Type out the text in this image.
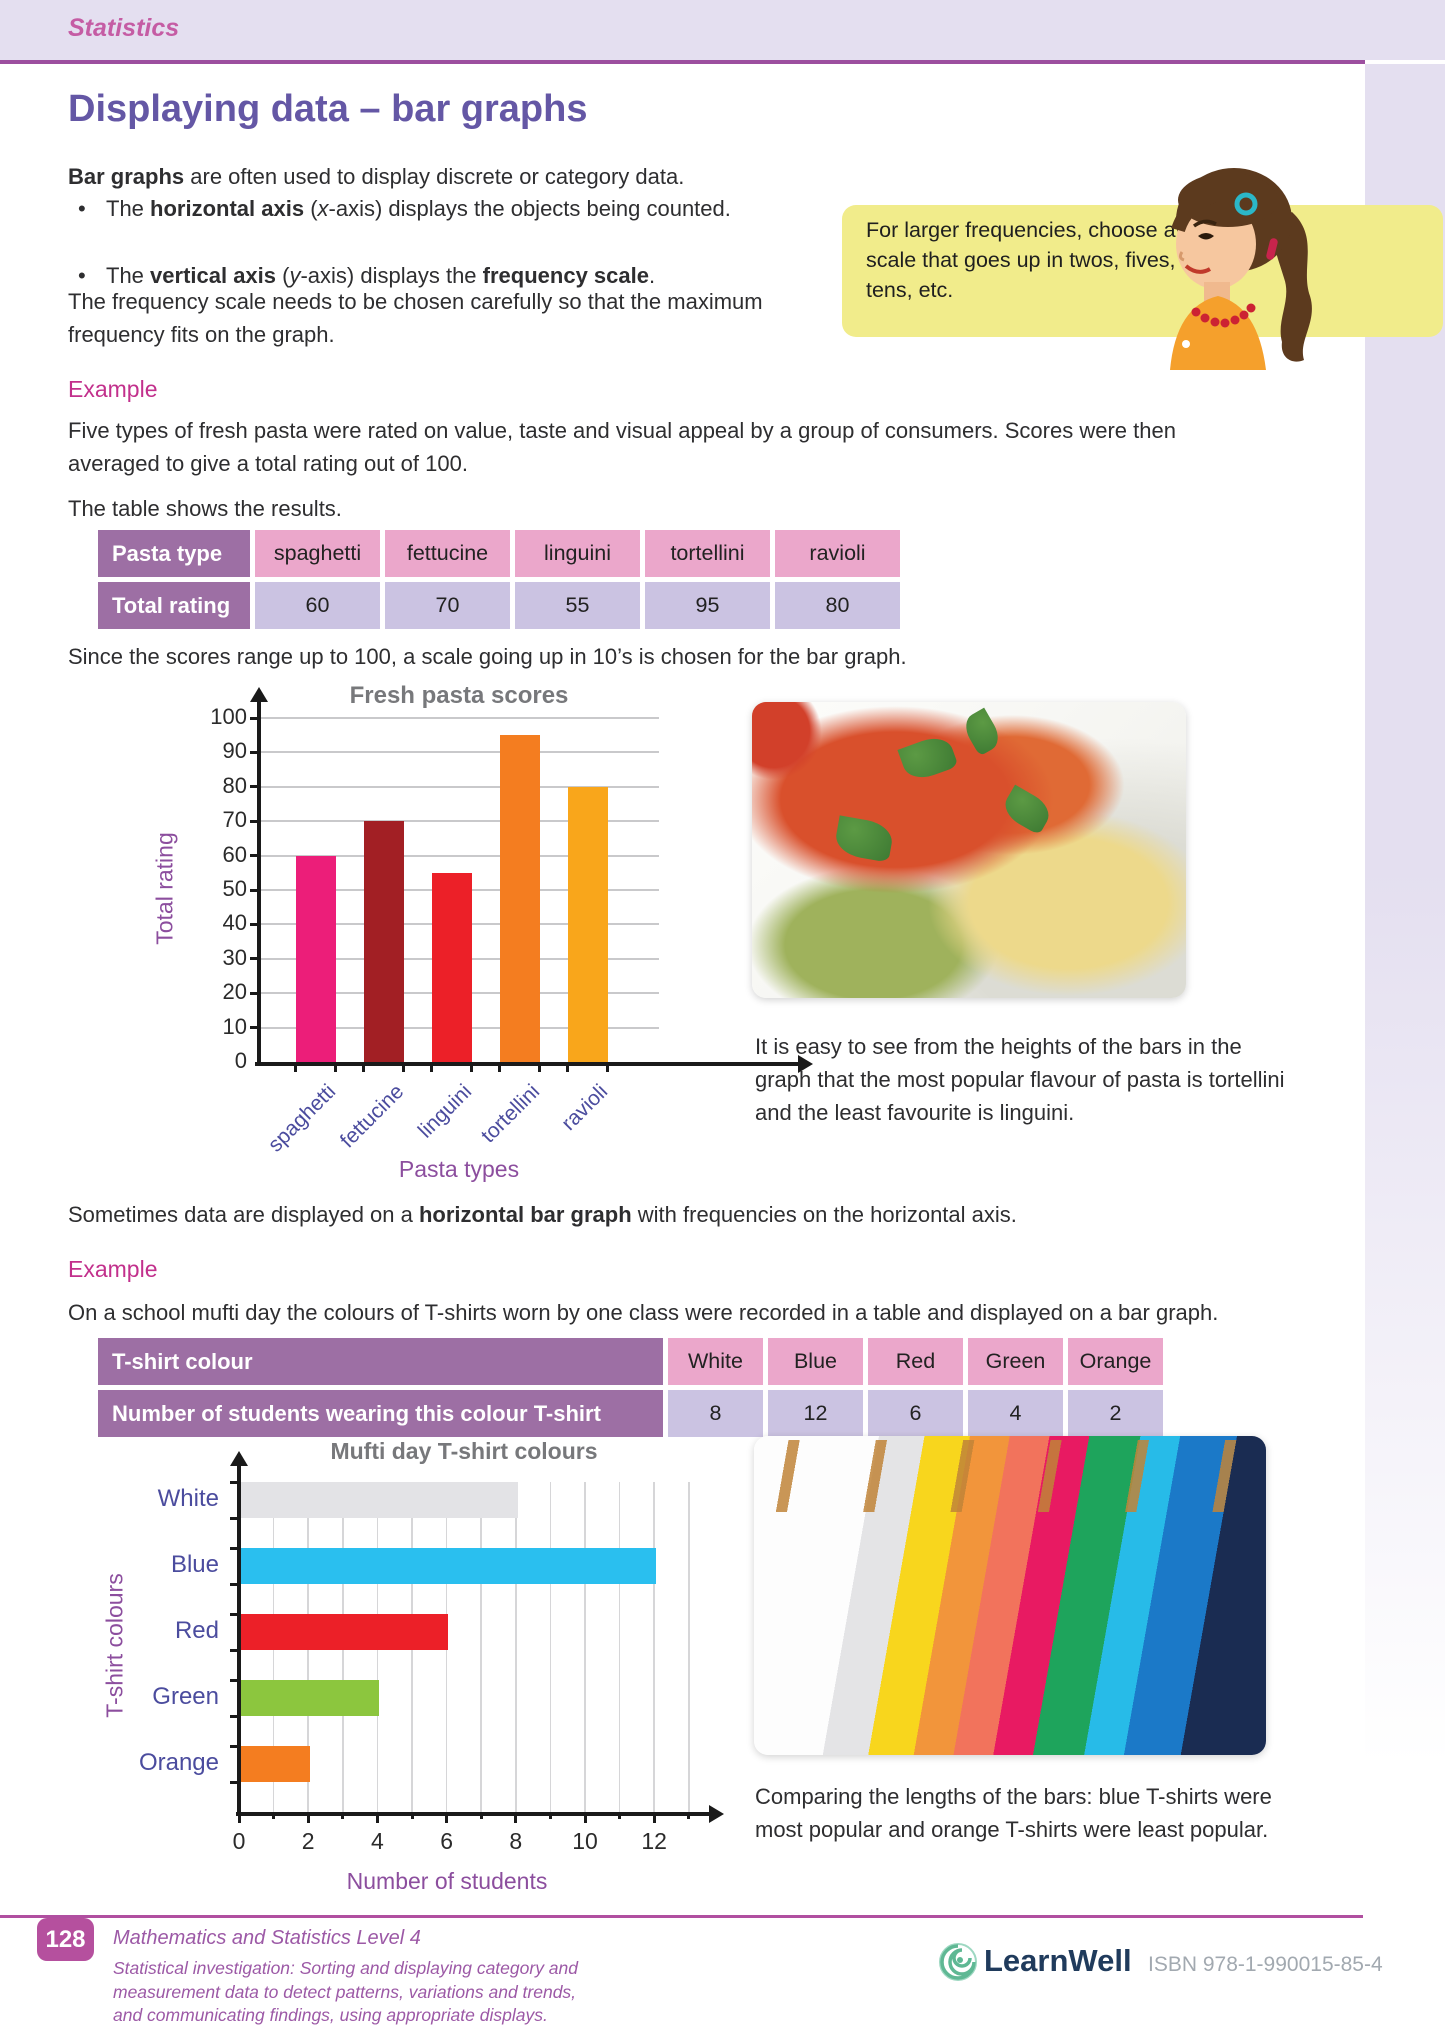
Statistics
Displaying data – bar graphs
Bar graphs are often used to display discrete or category data.
• The horizontal axis (x-axis) displays the objects being counted.
• The vertical axis (y-axis) displays the frequency scale.
The frequency scale needs to be chosen carefully so that the maximum frequency fits on the graph.
For larger frequencies, choose a scale that goes up in twos, fives, tens, etc.
Example
Five types of fresh pasta were rated on value, taste and visual appeal by a group of consumers. Scores were then averaged to give a total rating out of 100.
The table shows the results.
Pasta type	spaghetti	fettucine	linguini	tortellini	ravioli
Total rating	60	70	55	95	80
Since the scores range up to 100, a scale going up in 10’s is chosen for the bar graph.
Fresh pasta scores
Total rating
Pasta types
0
10
20
30
40
50
60
70
80
90
100
spaghetti
fettucine linguini tortellini ravioli
It is easy to see from the heights of the bars in the graph that the most popular flavour of pasta is tortellini and the least favourite is linguini.
Sometimes data are displayed on a horizontal bar graph with frequencies on the horizontal axis.
Example
On a school mufti day the colours of T-shirts worn by one class were recorded in a table and displayed on a bar graph.
T-shirt colour	White	Blue	Red	Green	Orange
Number of students wearing this colour T-shirt	8	12	6	4	2
Mufti day T-shirt colours
T-shirt colours
Number of students
White
Blue
Red
Green
Orange
0	2	4	6	8	10	12
Comparing the lengths of the bars: blue T-shirts were most popular and orange T-shirts were least popular.
128	Mathematics and Statistics Level 4
Statistical investigation: Sorting and displaying category and
measurement data to detect patterns, variations and trends,
and communicating findings, using appropriate displays.
LearnWell ISBN 978-1-990015-85-4
